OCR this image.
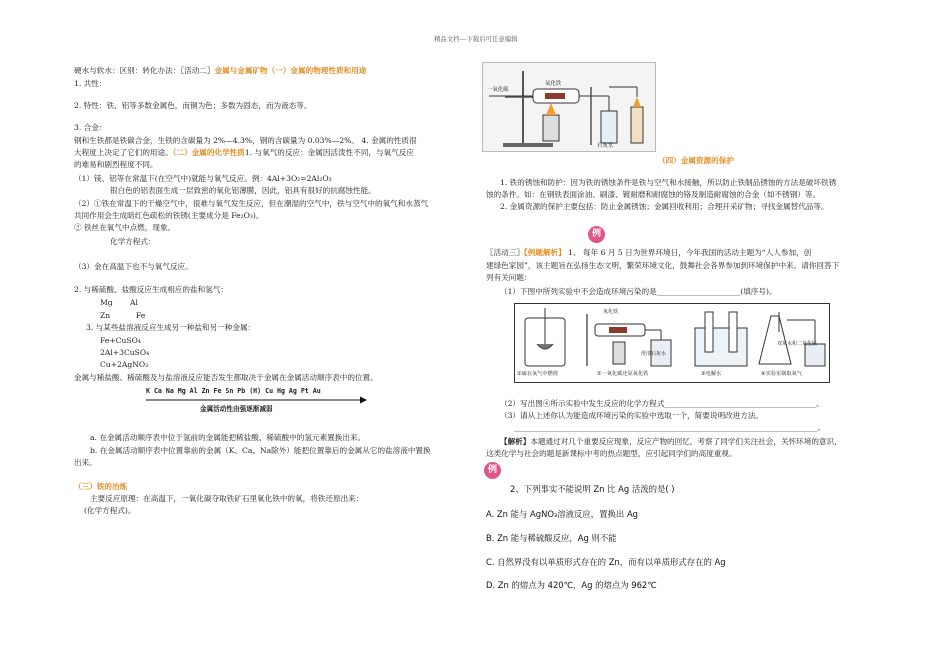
精品文档---下载后可任意编辑
硬水与软水：区别：转化办法：〖活动二〗金属与金属矿物（一）金属的物理性质和用途
1. 共性：
2. 特性：铁、铝等多数金属色，而铜为色；多数为固态，而为液态等。
3. 合金：
钢和生铁都是铁碳合金，生铁的含碳量为 2%—4.3%，钢的含碳量为 0.03%—2%。 4. 金属的性质很
大程度上决定了它们的用途。（二）金属的化学性质1. 与氧气的反应：金属因活泼性不同，与氧气反应
的难易和剧烈程度不同。
（1）镁、铝等在常温下(在空气中)就能与氧气反应。例：4Al+3O₂=2Al₂O₃
银白色的铝表面生成一层致密的氧化铝薄膜，因此，铝具有很好的抗腐蚀性能。
（2）①铁在常温下的干燥空气中，很难与氧气发生反应，但在潮湿的空气中，铁与空气中的氧气和水蒸气
共同作用会生成暗红色疏松的铁锈(主要成分是 Fe₂O₃)。
② 铁丝在氧气中点燃，现象。
化学方程式：
（3）金在高温下也不与氧气反应。
2. 与稀硫酸、盐酸反应生成相应的盐和氢气：
Mg Al
Zn	Fe
3. 与某些盐溶液反应生成另一种盐和另一种金属：
Fe+CuSO₄
2Al+3CuSO₄
Cu+2AgNO₃
金属与稀盐酸、稀硫酸及与盐溶液反应能否发生都取决于金属在金属活动顺序表中的位置。
K Ca Na Mg Al Zn Fe Sn Pb (H) Cu Hg Ag Pt Au
金属活动性由强逐渐减弱
a. 在金属活动顺序表中位于氢前的金属能把稀盐酸、稀硫酸中的氢元素置换出来。
b. 在金属活动顺序表中位置靠前的金属（K、Ca、Na除外）能把位置靠后的金属从它的盐溶液中置换
出来。
（三）铁的冶炼
主要反应原理：在高温下，一氧化碳夺取铁矿石里氧化铁中的氧，将铁还原出来：
(化学方程式)。
一氧化碳
氧化铁
石灰水
（四）金属资源的保护
1. 铁的锈蚀和防护：因为铁的锈蚀条件是铁与空气和水接触，所以防止铁制品锈蚀的方法是破坏铁锈
蚀的条件。如：在钢铁表面涂油、刷漆、镀耐磨和耐腐蚀的铬及制造耐腐蚀的合金（如不锈钢）等。
2. 金属资源的保护主要包括：防止金属锈蚀；金属回收利用；合理开采矿物；寻找金属替代品等。
例
〖活动三〗【例题解析】 1、 每年 6 月 5 日为世界环境日，今年我国的活动主题为“人人参加，创
建绿色家园”，该主题旨在弘扬生态文明，繁荣环境文化，鼓舞社会各界参加到环境保护中来。请你回答下
列有关问题：
（1）下图中所列实验中不会造成环境污染的是______________________(填序号)。
氧化铁
澄清石灰水
双氧水和二氧化锰
①硫在氧气中燃烧	②一氧化碳还原氧化铁	③电解水	④实验室制取氧气
（2）写出图④所示实验中发生反应的化学方程式________________________________________。
（3）请从上述你认为能造成环境污染的实验中选取一个，简要说明改进方法。
________________________________________________________________________________。
【解析】本题通过对几个重要反应现象，反应产物的回忆，考察了同学们关注社会，关怀环境的意识，
这类化学与社会的题是新课标中考的热点题型，应引起同学们的高度重视。
例
2、下列事实不能说明 Zn 比 Ag 活泼的是( )
A. Zn 能与 AgNO₃溶液反应，置换出 Ag
B. Zn 能与稀硫酸反应，Ag 则不能
C. 自然界没有以单质形式存在的 Zn，而有以单质形式存在的 Ag
D. Zn 的熔点为 420℃，Ag 的熔点为 962℃
